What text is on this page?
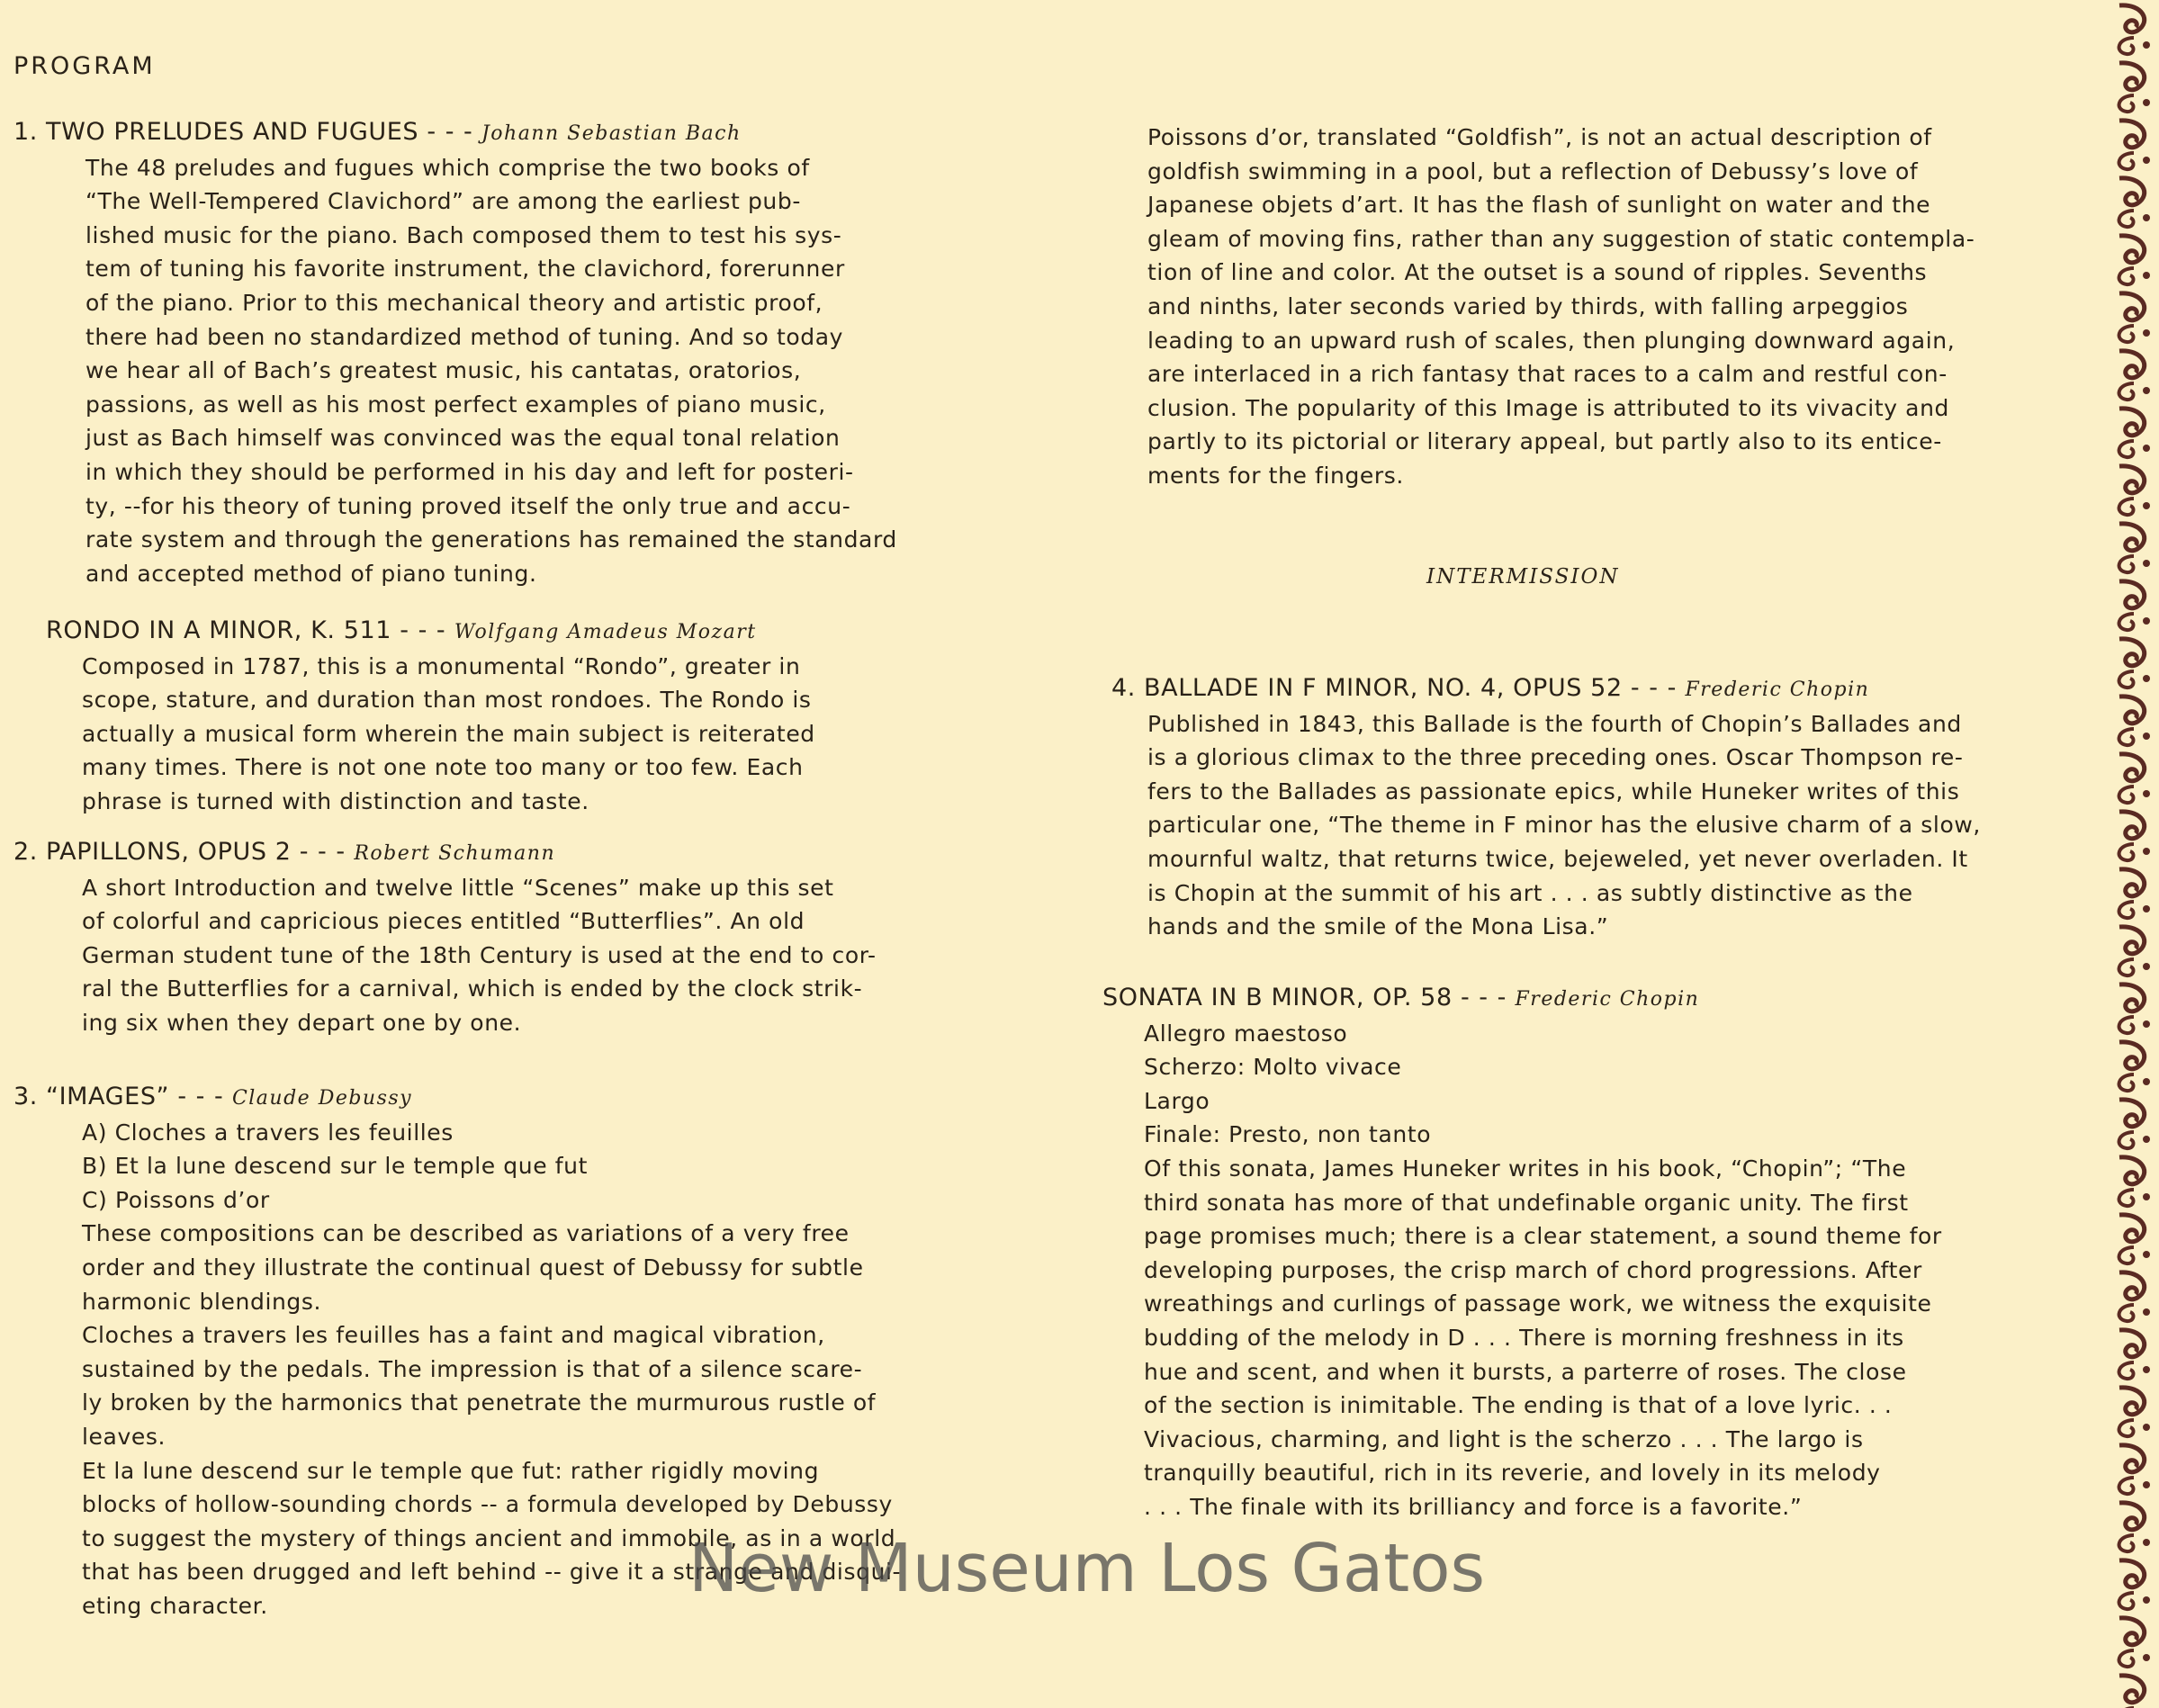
PROGRAM
1. TWO PRELUDES AND FUGUES - - - Johann Sebastian Bach
The 48 preludes and fugues which comprise the two books of
“The Well-Tempered Clavichord” are among the earliest pub-
lished music for the piano. Bach composed them to test his sys-
tem of tuning his favorite instrument, the clavichord, forerunner
of the piano. Prior to this mechanical theory and artistic proof,
there had been no standardized method of tuning. And so today
we hear all of Bach’s greatest music, his cantatas, oratorios,
passions, as well as his most perfect examples of piano music,
just as Bach himself was convinced was the equal tonal relation
in which they should be performed in his day and left for posteri-
ty, --for his theory of tuning proved itself the only true and accu-
rate system and through the generations has remained the standard
and accepted method of piano tuning.
RONDO IN A MINOR, K. 511 - - - Wolfgang Amadeus Mozart
Composed in 1787, this is a monumental “Rondo”, greater in
scope, stature, and duration than most rondoes. The Rondo is
actually a musical form wherein the main subject is reiterated
many times. There is not one note too many or too few. Each
phrase is turned with distinction and taste.
2. PAPILLONS, OPUS 2 - - - Robert Schumann
A short Introduction and twelve little “Scenes” make up this set
of colorful and capricious pieces entitled “Butterflies”. An old
German student tune of the 18th Century is used at the end to cor-
ral the Butterflies for a carnival, which is ended by the clock strik-
ing six when they depart one by one.
3. “IMAGES” - - - Claude Debussy
A) Cloches a travers les feuilles
B) Et la lune descend sur le temple que fut
C) Poissons d’or
These compositions can be described as variations of a very free
order and they illustrate the continual quest of Debussy for subtle
harmonic blendings.
Cloches a travers les feuilles has a faint and magical vibration,
sustained by the pedals. The impression is that of a silence scare-
ly broken by the harmonics that penetrate the murmurous rustle of
leaves.
Et la lune descend sur le temple que fut: rather rigidly moving
blocks of hollow-sounding chords -- a formula developed by Debussy
to suggest the mystery of things ancient and immobile, as in a world
that has been drugged and left behind -- give it a strange and disqui-
eting character.
Poissons d’or, translated “Goldfish”, is not an actual description of
goldfish swimming in a pool, but a reflection of Debussy’s love of
Japanese objets d’art. It has the flash of sunlight on water and the
gleam of moving fins, rather than any suggestion of static contempla-
tion of line and color. At the outset is a sound of ripples. Sevenths
and ninths, later seconds varied by thirds, with falling arpeggios
leading to an upward rush of scales, then plunging downward again,
are interlaced in a rich fantasy that races to a calm and restful con-
clusion. The popularity of this Image is attributed to its vivacity and
partly to its pictorial or literary appeal, but partly also to its entice-
ments for the fingers.
4. BALLADE IN F MINOR, NO. 4, OPUS 52 - - - Frederic Chopin
Published in 1843, this Ballade is the fourth of Chopin’s Ballades and
is a glorious climax to the three preceding ones. Oscar Thompson re-
fers to the Ballades as passionate epics, while Huneker writes of this
particular one, “The theme in F minor has the elusive charm of a slow,
mournful waltz, that returns twice, bejeweled, yet never overladen. It
is Chopin at the summit of his art . . . as subtly distinctive as the
hands and the smile of the Mona Lisa.”
SONATA IN B MINOR, OP. 58 - - - Frederic Chopin
Allegro maestoso
Scherzo: Molto vivace
Largo
Finale: Presto, non tanto
Of this sonata, James Huneker writes in his book, “Chopin”; “The
third sonata has more of that undefinable organic unity. The first
page promises much; there is a clear statement, a sound theme for
developing purposes, the crisp march of chord progressions. After
wreathings and curlings of passage work, we witness the exquisite
budding of the melody in D . . . There is morning freshness in its
hue and scent, and when it bursts, a parterre of roses. The close
of the section is inimitable. The ending is that of a love lyric. . .
Vivacious, charming, and light is the scherzo . . . The largo is
tranquilly beautiful, rich in its reverie, and lovely in its melody
. . . The finale with its brilliancy and force is a favorite.”
INTERMISSION
New Museum Los Gatos
